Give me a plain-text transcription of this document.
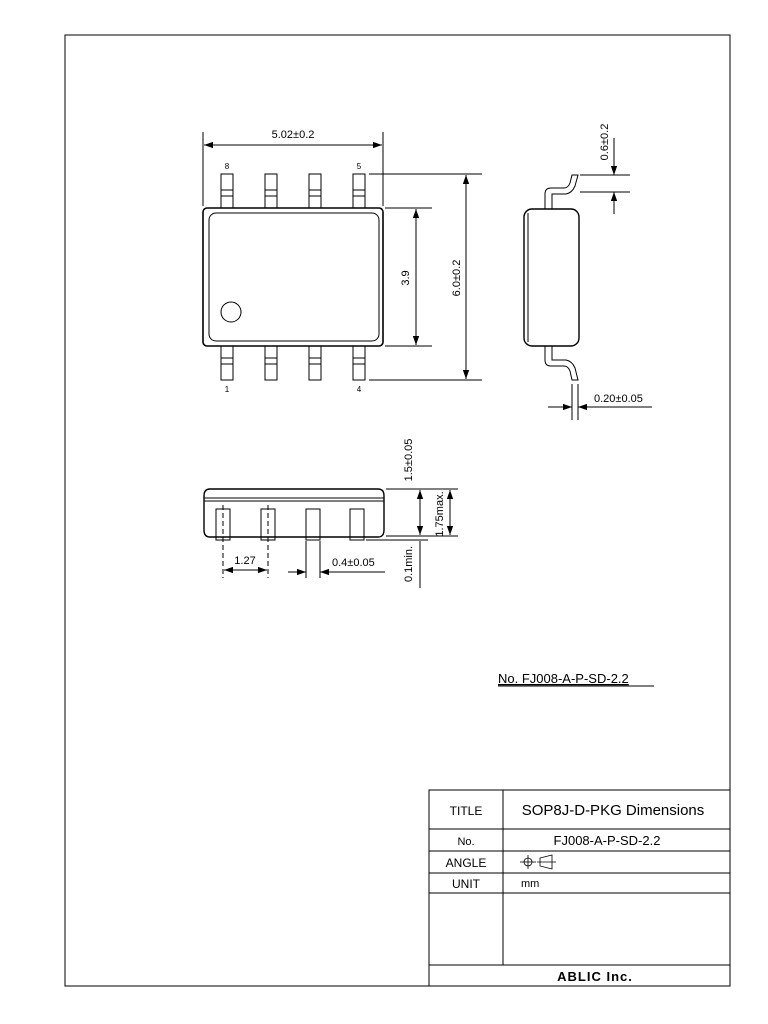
5.02±0.2
8	5
1	4
3.9	6.0±0.2
0.6±0.2
0.20±0.05
1.5±0.05
1.75max.
0.1min.
1.27	0.4±0.05
No. FJ008-A-P-SD-2.2
TITLE	SOP8J-D-PKG Dimensions
No.	FJ008-A-P-SD-2.2
ANGLE
UNIT	mm
ABLIC Inc.
